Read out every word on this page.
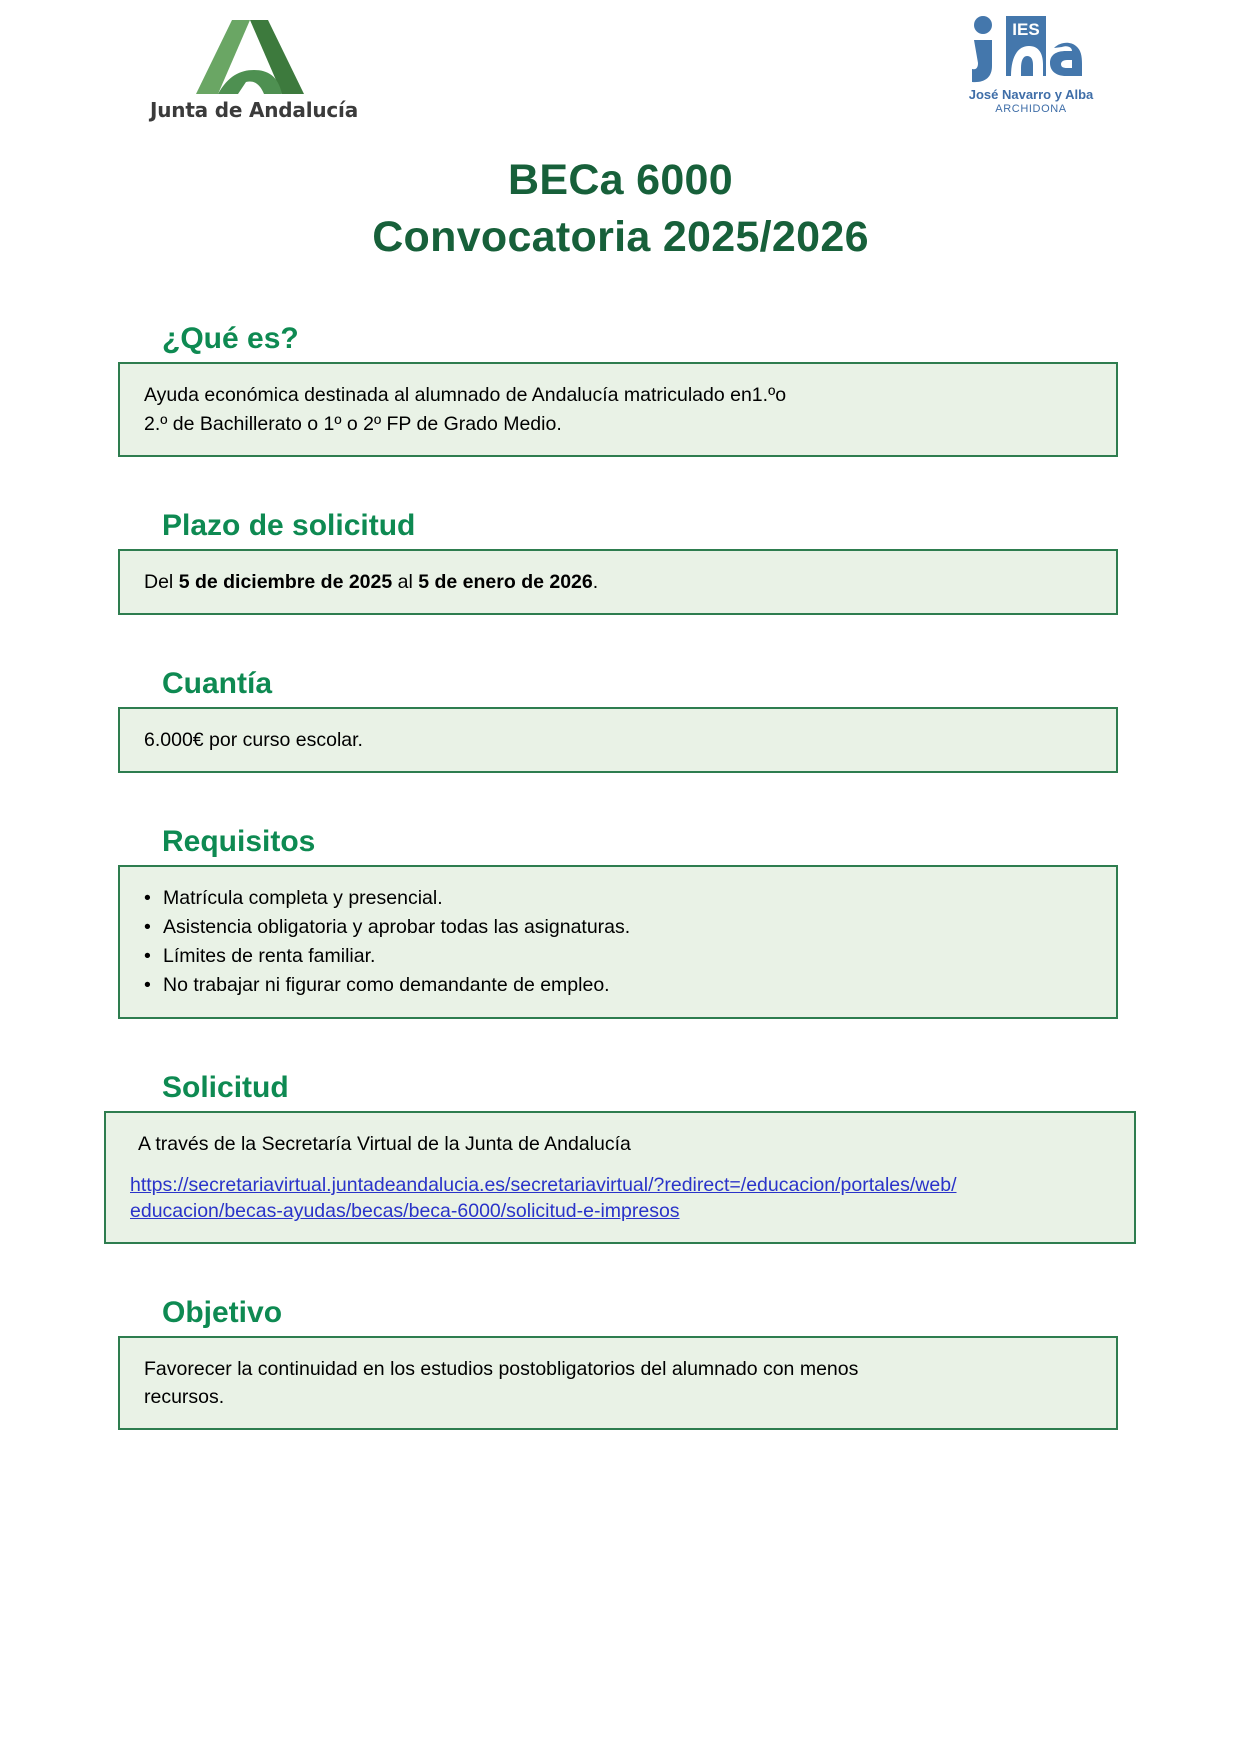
Junta de Andalucía
IES
José Navarro y Alba
ARCHIDONA
BECa 6000
Convocatoria 2025/2026
¿Qué es?
Ayuda económica destinada al alumnado de Andalucía matriculado en1.ºo
2.º de Bachillerato o 1º o 2º FP de Grado Medio.
Plazo de solicitud
Del 5 de diciembre de 2025 al 5 de enero de 2026.
Cuantía
6.000€ por curso escolar.
Requisitos
• Matrícula completa y presencial.
• Asistencia obligatoria y aprobar todas las asignaturas.
• Límites de renta familiar.
• No trabajar ni figurar como demandante de empleo.
Solicitud
A través de la Secretaría Virtual de la Junta de Andalucía
https://secretariavirtual.juntadeandalucia.es/secretariavirtual/?redirect=/educacion/portales/web/
educacion/becas-ayudas/becas/beca-6000/solicitud-e-impresos
Objetivo
Favorecer la continuidad en los estudios postobligatorios del alumnado con menos
recursos.
